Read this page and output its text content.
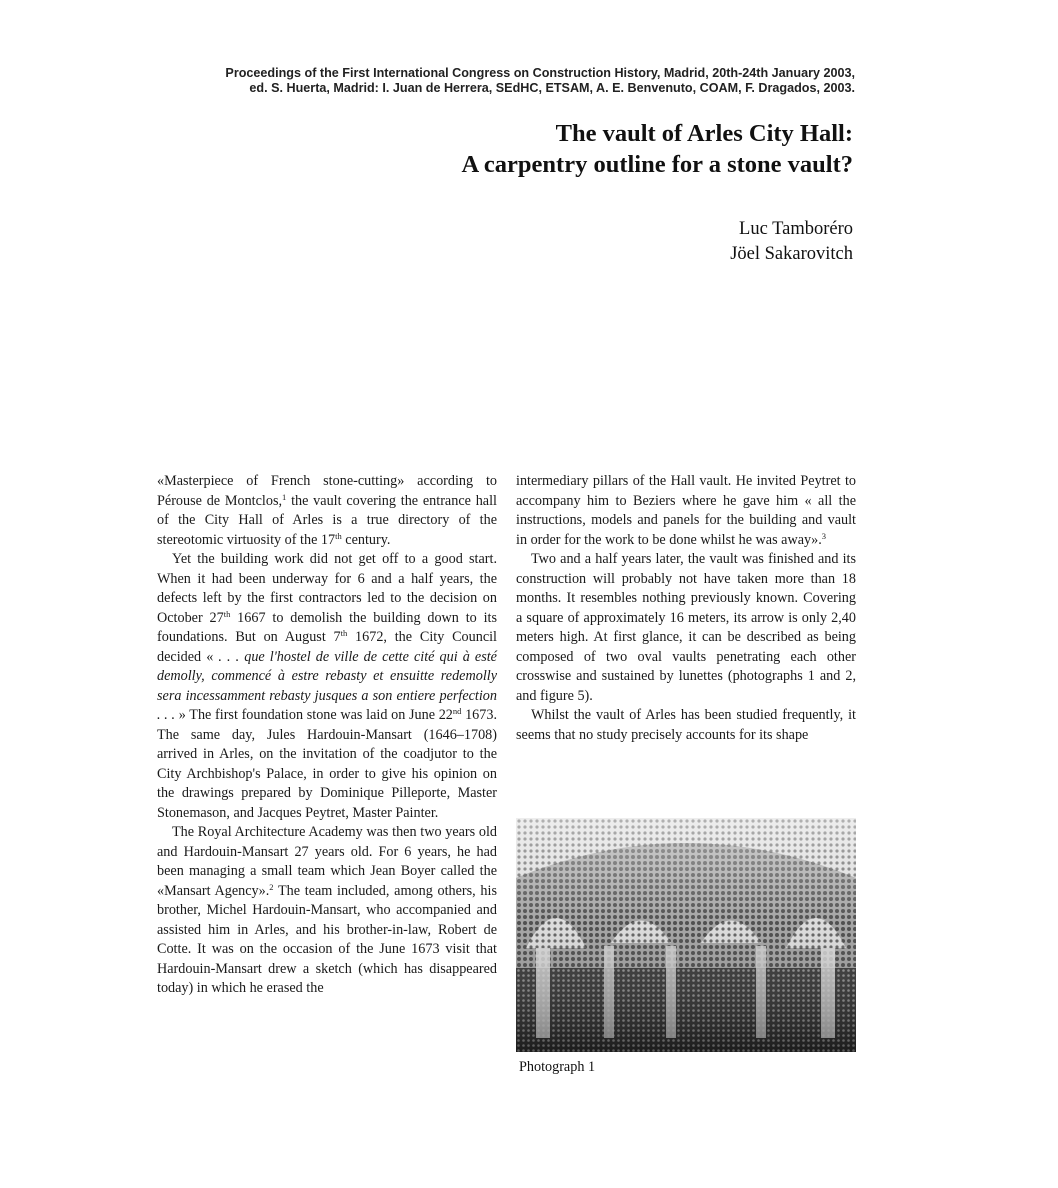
Proceedings of the First International Congress on Construction History, Madrid, 20th-24th January 2003,
ed. S. Huerta, Madrid: I. Juan de Herrera, SEdHC, ETSAM, A. E. Benvenuto, COAM, F. Dragados, 2003.
The vault of Arles City Hall:
A carpentry outline for a stone vault?
Luc Tamboréro
Jöel Sakarovitch

«Masterpiece of French stone-cutting» according to Pérouse de Montclos,$^1$ the vault covering the entrance hall of the City Hall of Arles is a true directory of the stereotomic virtuosity of the 17th century.

Yet the building work did not get off to a good start. When it had been underway for 6 and a half years, the defects left by the first contractors led to the decision on October 27th 1667 to demolish the building down to its foundations. But on August 7th 1672, the City Council decided « . . . que l'hostel de ville de cette cité qui à esté demolly, commencé à estre rebasty et ensuitte redemolly sera incessamment rebasty jusques a son entiere perfection . . . » The first foundation stone was laid on June 22nd 1673. The same day, Jules Hardouin-Mansart (1646–1708) arrived in Arles, on the invitation of the coadjutor to the City Archbishop's Palace, in order to give his opinion on the drawings prepared by Dominique Pilleporte, Master Stonemason, and Jacques Peytret, Master Painter.

The Royal Architecture Academy was then two years old and Hardouin-Mansart 27 years old. For 6 years, he had been managing a small team which Jean Boyer called the «Mansart Agency».$^2$ The team included, among others, his brother, Michel Hardouin-Mansart, who accompanied and assisted him in Arles, and his brother-in-law, Robert de Cotte. It was on the occasion of the June 1673 visit that Hardouin-Mansart drew a sketch (which has disappeared today) in which he erased the

intermediary pillars of the Hall vault. He invited Peytret to accompany him to Beziers where he gave him « all the instructions, models and panels for the building and vault in order for the work to be done whilst he was away».$^3$

Two and a half years later, the vault was finished and its construction will probably not have taken more than 18 months. It resembles nothing previously known. Covering a square of approximately 16 meters, its arrow is only 2,40 meters high. At first glance, it can be described as being composed of two oval vaults penetrating each other crosswise and sustained by lunettes (photographs 1 and 2, and figure 5).

Whilst the vault of Arles has been studied frequently, it seems that no study precisely accounts for its shape

Photograph 1
